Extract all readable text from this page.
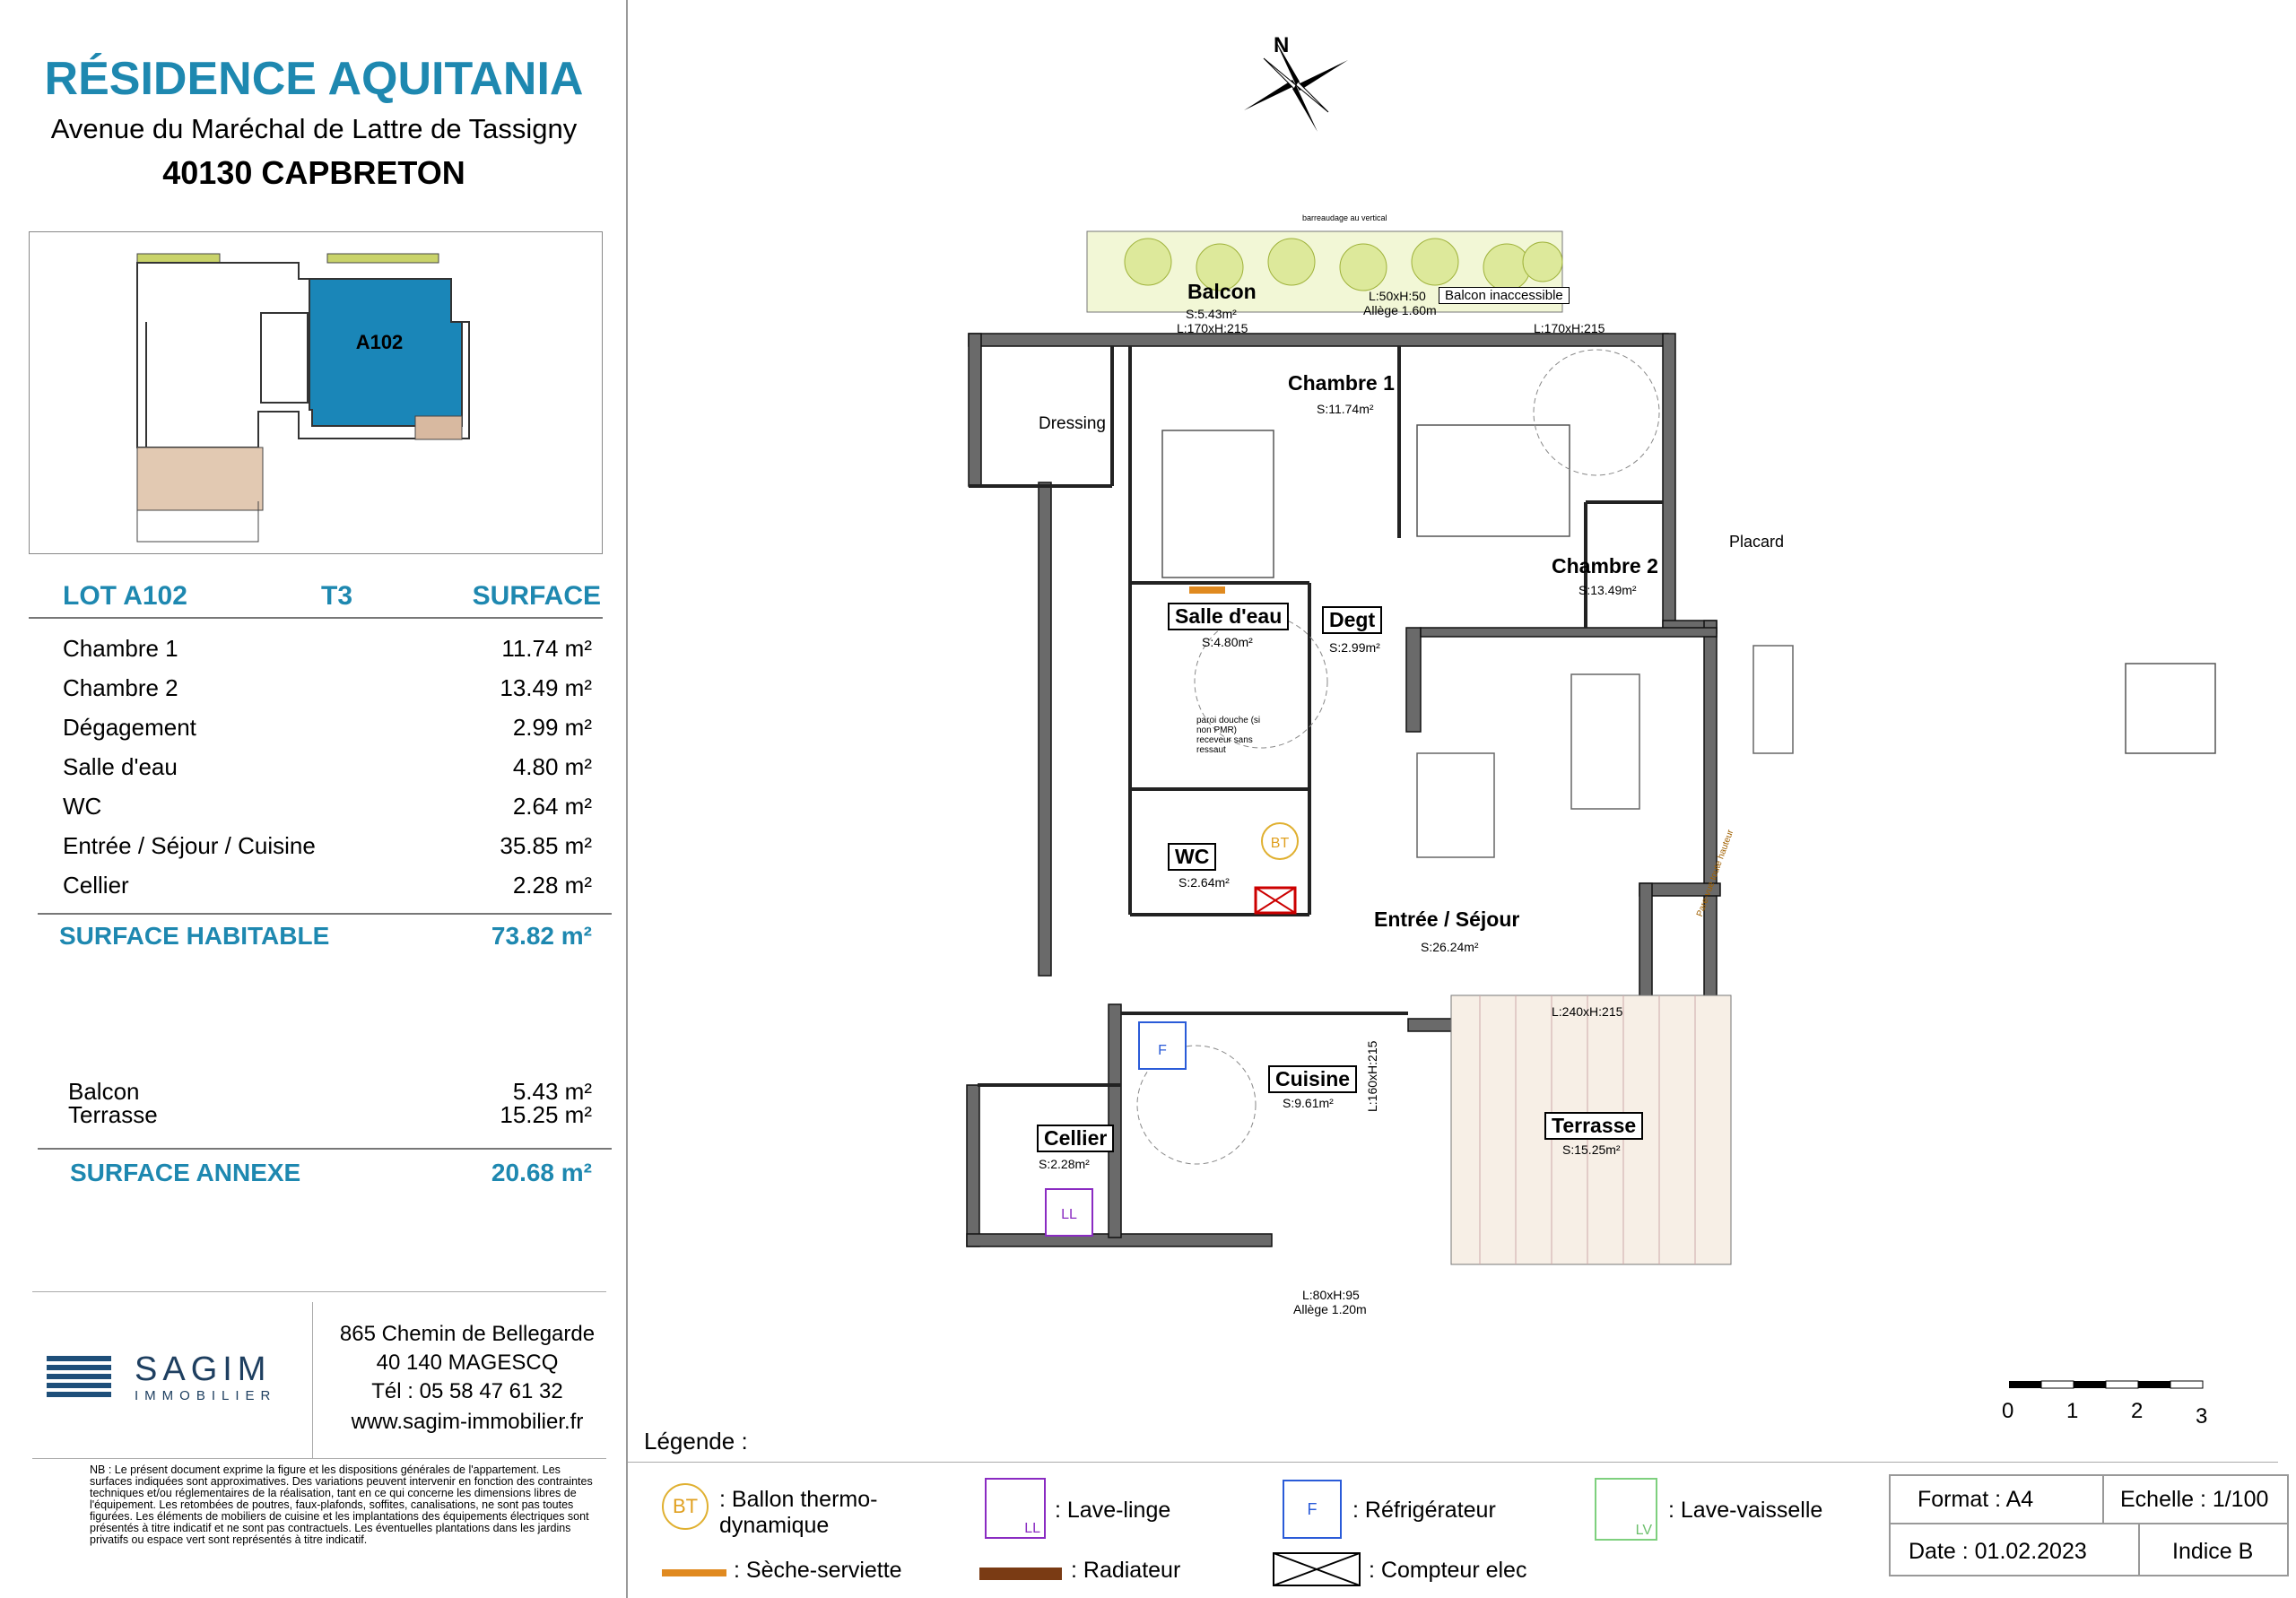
RÉSIDENCE AQUITANIA
Avenue du Maréchal de Lattre de Tassigny
40130 CAPBRETON
A102
LOT A102	T3	SURFACE
Chambre 1	11.74 m²
Chambre 2	13.49 m²
Dégagement	2.99 m²
Salle d'eau	4.80 m²
WC	2.64 m²
Entrée / Séjour / Cuisine	35.85 m²
Cellier	2.28 m²
SURFACE HABITABLE	73.82 m²
Balcon	5.43 m²
Terrasse	15.25 m²
SURFACE ANNEXE	20.68 m²
SAGIM
IMMOBILIER
865 Chemin de Bellegarde
40 140 MAGESCQ
Tél : 05 58 47 61 32
www.sagim-immobilier.fr
NB : Le présent document exprime la figure et les dispositions générales de l'appartement. Les surfaces indiquées sont approximatives. Des variations peuvent intervenir en fonction des contraintes techniques et/ou réglementaires de la réalisation, tant en ce qui concerne les dimensions libres de l'équipement. Les retombées de poutres, faux-plafonds, soffites, canalisations, ne sont pas toutes figurées. Les éléments de mobiliers de cuisine et les implantations des équipements électriques sont présentés à titre indicatif et ne sont pas contractuels. Les éventuelles plantations dans les jardins privatifs ou espace vert sont représentés à titre indicatif.
N
barreaudage au vertical
BT
F
LL
Balcon
S:5.43m²
Chambre 1
S:11.74m²
Chambre 2
S:13.49m²
Dressing
Placard
Salle d'eau
S:4.80m²
Degt
S:2.99m²
WC
S:2.64m²
Entrée / Séjour
S:26.24m²
Cuisine
S:9.61m²
Cellier
S:2.28m²
Terrasse
S:15.25m²
Balcon inaccessible
L:50xH:50
Allège 1.60m
L:170xH:215	L:170xH:215
L:240xH:215
L:160xH:215
L:80xH:95
Allège 1.20m
paroi douche (si non PMR) receveur sans ressaut
Pare-vue toute hauteur
0 1 2 3
Légende :
BT : Ballon thermo-
dynamique	LL
: Lave-linge	F	: Réfrigérateur
LV
: Lave-vaisselle
: Sèche-serviette	: Radiateur	: Compteur elec
Format : A4	Echelle : 1/100
Date : 01.02.2023	Indice B
